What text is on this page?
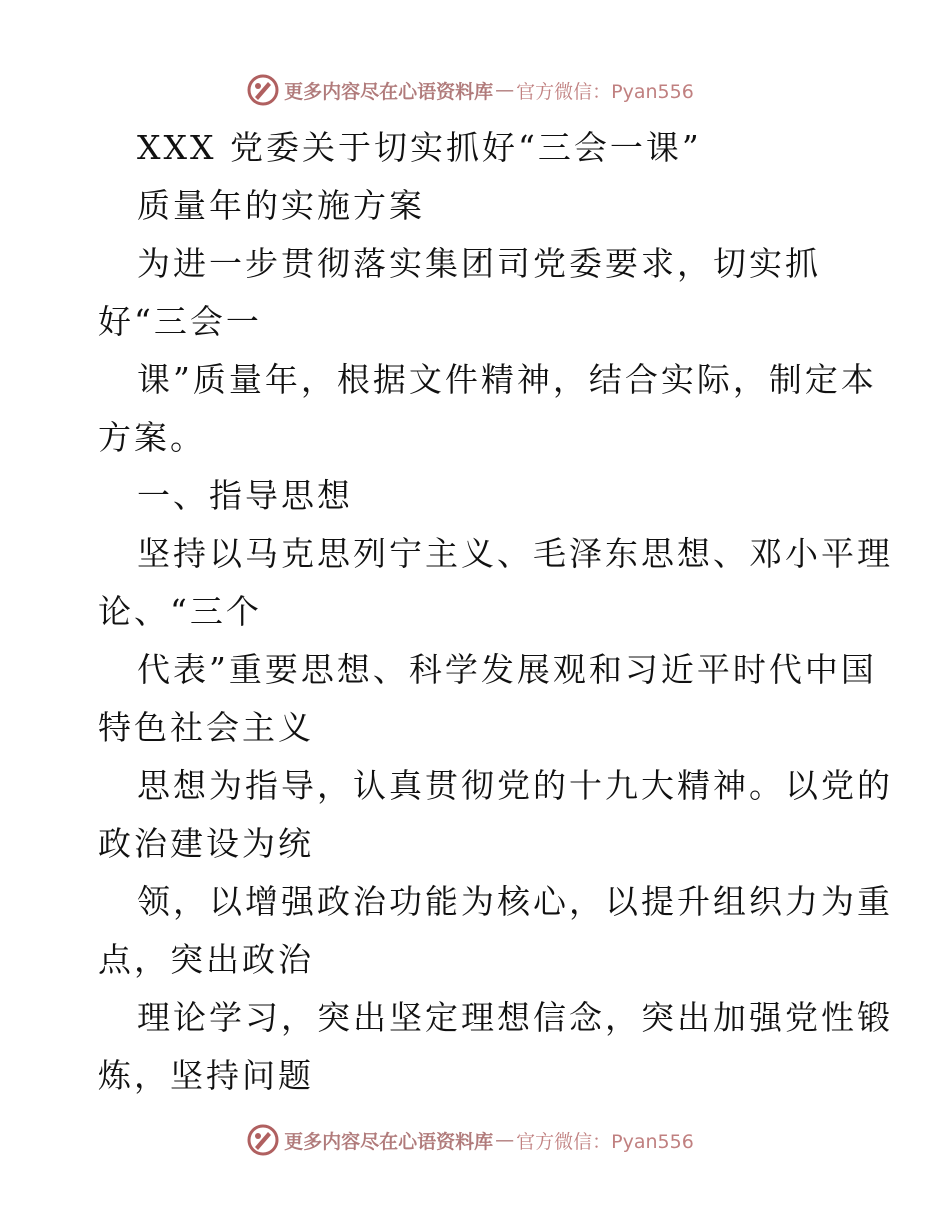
更多内容尽在心语资料库 — 官方微信：Pyan556
XXX 党委关于切实抓好“三会一课”
质量年的实施方案
为进一步贯彻落实集团司党委要求，切实抓
好“三会一
课”质量年，根据文件精神，结合实际，制定本
方案。
一、指导思想
坚持以马克思列宁主义、毛泽东思想、邓小平理
论、“三个
代表”重要思想、科学发展观和习近平时代中国
特色社会主义
思想为指导，认真贯彻党的十九大精神。以党的
政治建设为统
领，以增强政治功能为核心，以提升组织力为重
点，突出政治
理论学习，突出坚定理想信念，突出加强党性锻
炼，坚持问题
更多内容尽在心语资料库 — 官方微信：Pyan556
